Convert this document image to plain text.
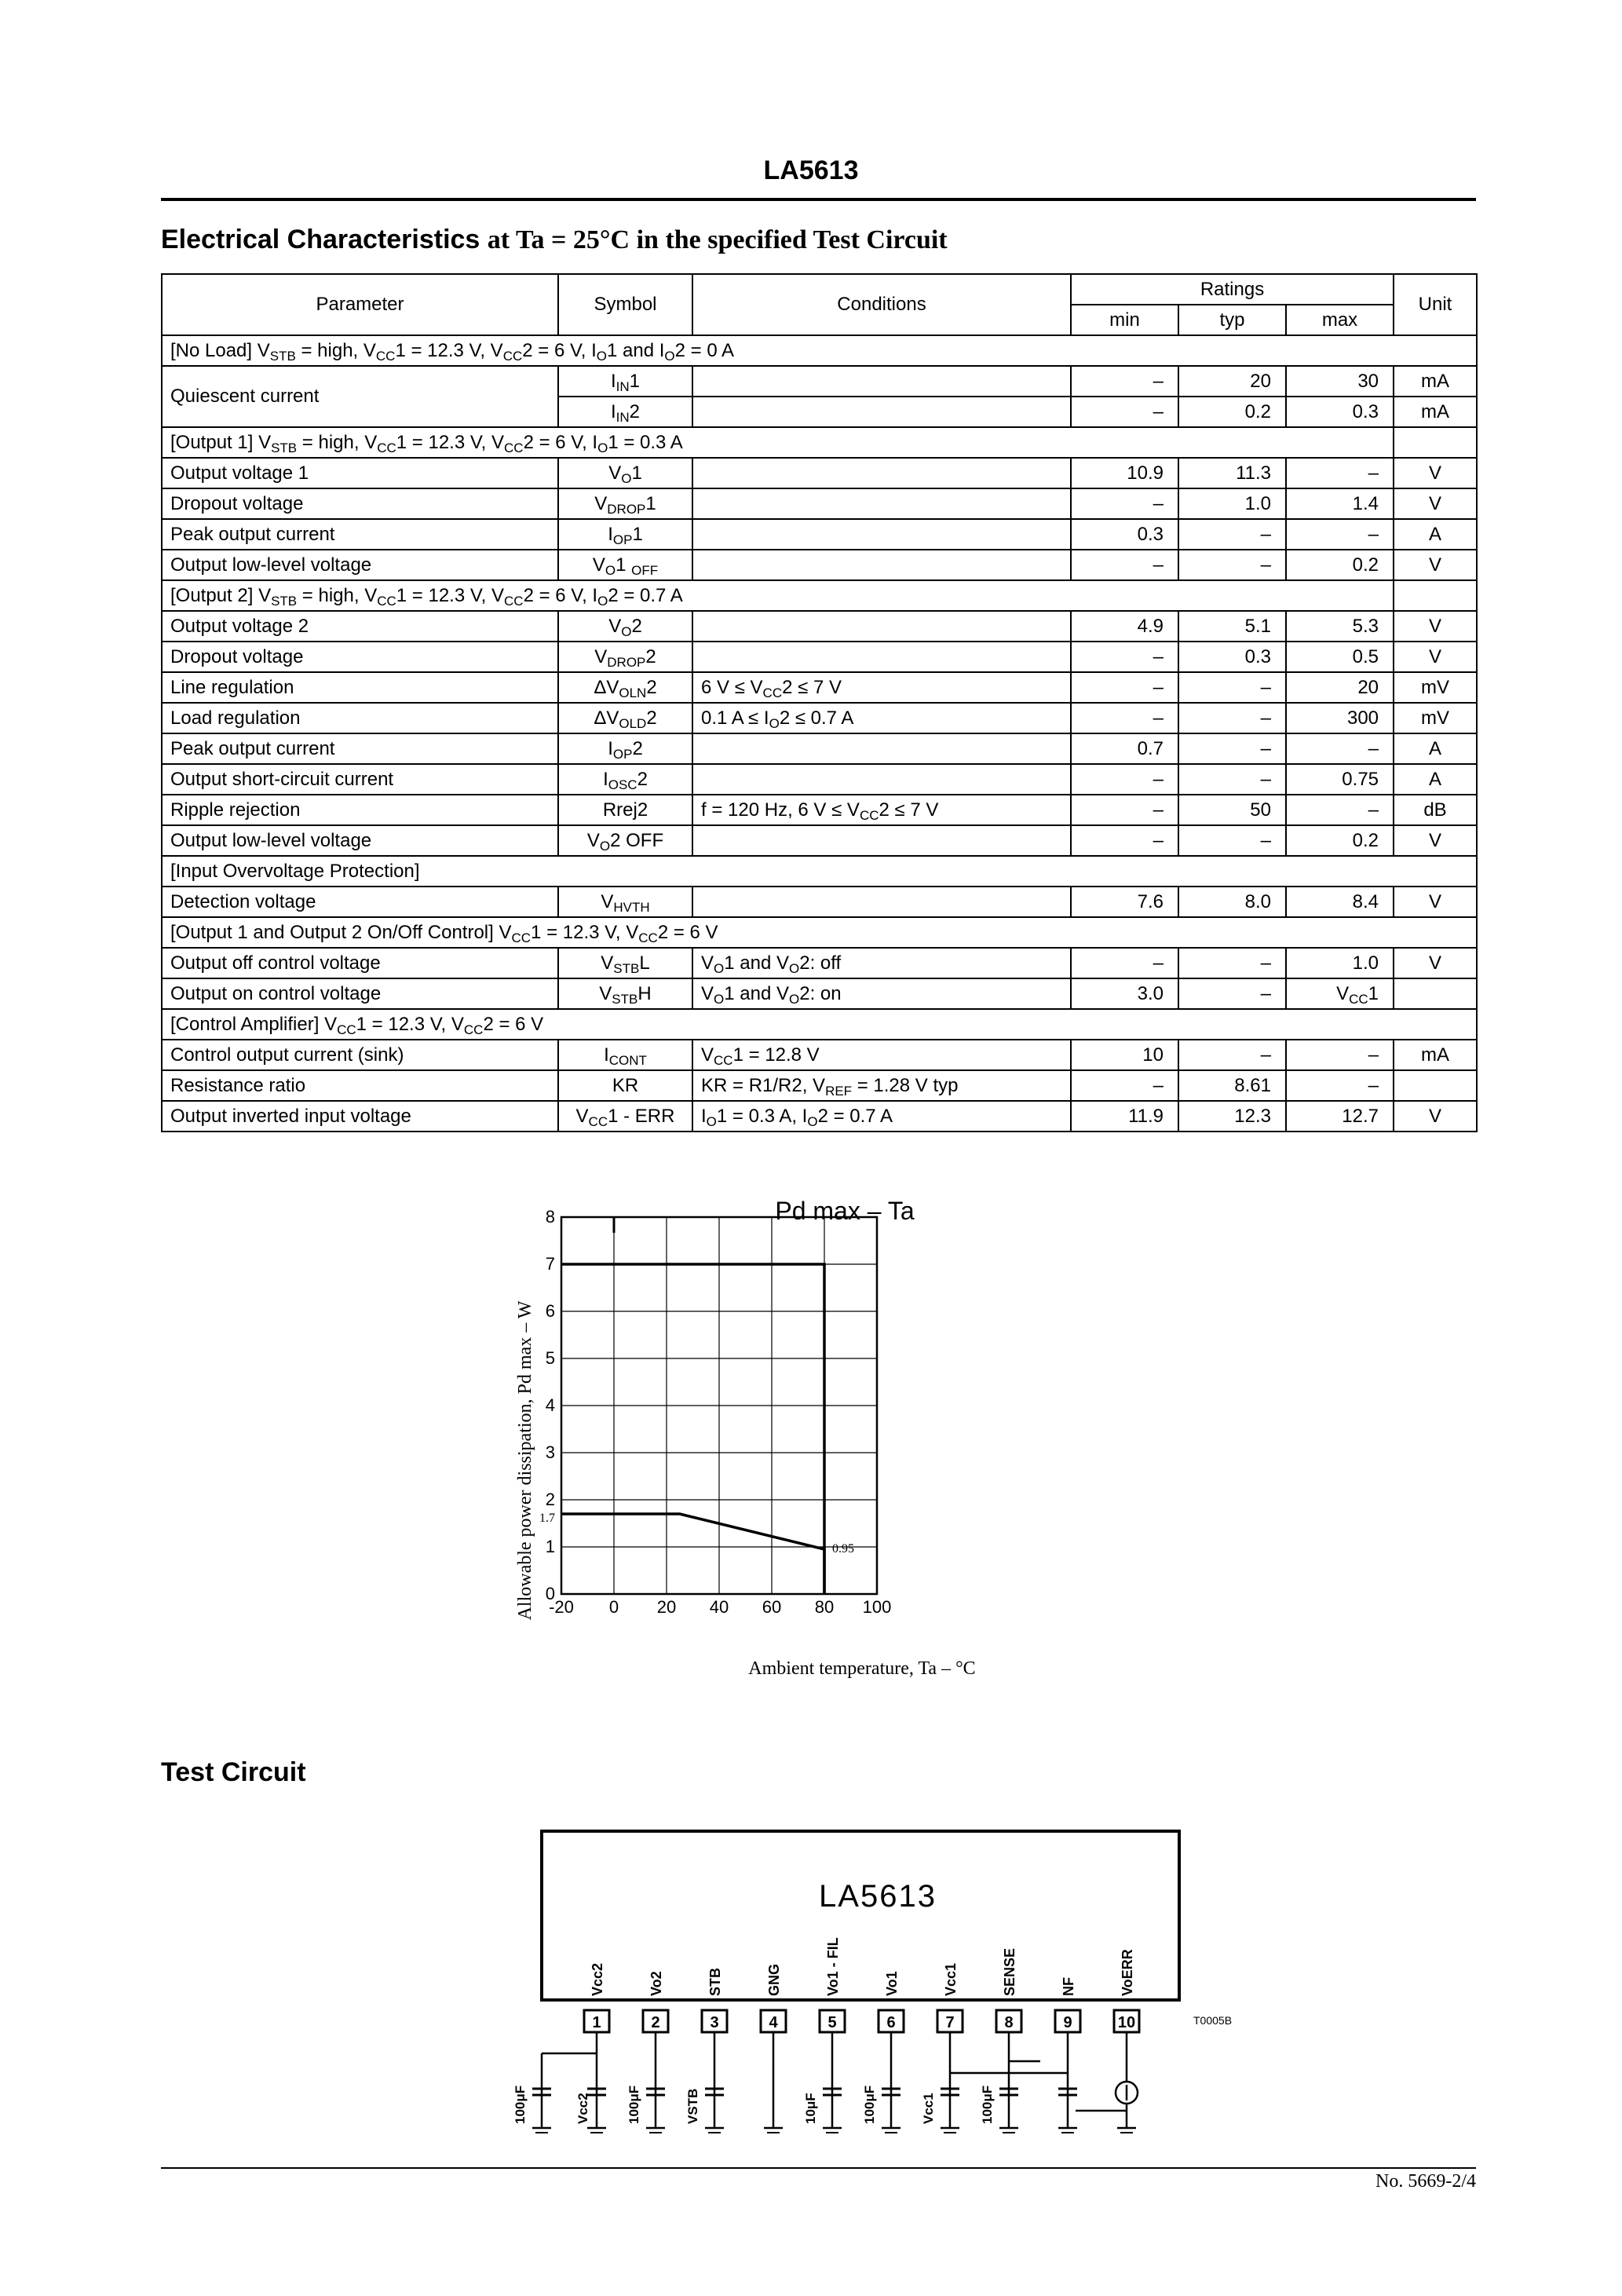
LA5613
Electrical Characteristics at Ta = 25°C in the specified Test Circuit
Parameter	Symbol	Conditions	Ratings			Unit
			min	typ	max	
[No Load] $V_{STB}$ = high, $V_{CC}1 = 12.3$ V, $V_{CC}2 = 6$ V, $I_O1$ and $I_O2 = 0$ A						
Quiescent current	$I_{IN}1$		–	20	30	mA
	$I_{IN}2$		–	0.2	0.3	mA
[Output 1] $V_{STB}$ = high, $V_{CC}1 = 12.3$ V, $V_{CC}2 = 6$ V, $I_O1 = 0.3$ A						
Output voltage 1	$V_O1$		10.9	11.3	–	V
Dropout voltage	$V_{DROP}1$		–	1.0	1.4	V
Peak output current	$I_{OP}1$		0.3	–	–	A
Output low-level voltage	$V_O1$ $_{OFF}$		–	–	0.2	V
[Output 2] $V_{STB}$ = high, $V_{CC}1 = 12.3$ V, $V_{CC}2 = 6$ V, $I_O2 = 0.7$ A						
Output voltage 2	$V_O2$		4.9	5.1	5.3	V
Dropout voltage	$V_{DROP}2$		–	0.3	0.5	V
Line regulation	$\Delta V_{OLN}2$	6 $V \le V_{CC}2 \le 7$ V	–	–	20	mV
Load regulation	$\Delta V_{OLD}2$	0.1 $A \le I_O2 \le 0.7$ A	–	–	300	mV
Peak output current	$I_{OP}2$		0.7	–	–	A
Output short-circuit current	$I_{OSC}2$		–	–	0.75	A
Ripple rejection	Rrej2	f = 120 Hz, 6 $V \le V_{CC}2 \le 7$ V	–	50	–	dB
Output low-level voltage	$V_O2$ OFF		–	–	0.2	V
[Input Overvoltage Protection]						
Detection voltage	$V_{HVTH}$		7.6	8.0	8.4	V
[Output 1 and Output 2 On/Off Control] $V_{CC}1 = 12.3$ V, $V_{CC}2 = 6$ V						
Output off control voltage	$V_{STB}L$	$V_O1$ and $V_O2$: off	–	–	1.0	V
Output on control voltage	$V_{STB}H$	$V_O1$ and $V_O2$: on	3.0	–	$V_{CC}1$	
[Control Amplifier] $V_{CC}1 = 12.3$ V, $V_{CC}2 = 6$ V						
Control output current (sink)	$I_{CONT}$	$V_{CC}1 = 12.8$ V	10	–	–	mA
Resistance ratio	KR	KR = R1/R2, $V_{REF} = 1.28$ V typ	–	8.61	–	
Output inverted input voltage	$V_{CC}1$ - ERR	$I_O1 = 0.3$ A, $I_O2 = 0.7$ A	11.9	12.3	12.7	V
-20 0 20 40 60 80 100
0
1
2
3
4
5
6
7
8
1.7
0.95
Pd max – Ta
Ambient temperature, Ta – °C
Allowable power dissipation, Pd max – W
Test Circuit
LA5613
1	2	3	4	5	6	7	8	9	10
Vcc2	Vo2	STB	GNG	Vo1 - FIL	Vo1	Vcc1	SENSE	NF	VoERR
100μF	Vcc2	100μF	VSTB	10μF	100μF	Vcc1	100μF
T0005B
No. 5669-2/4
